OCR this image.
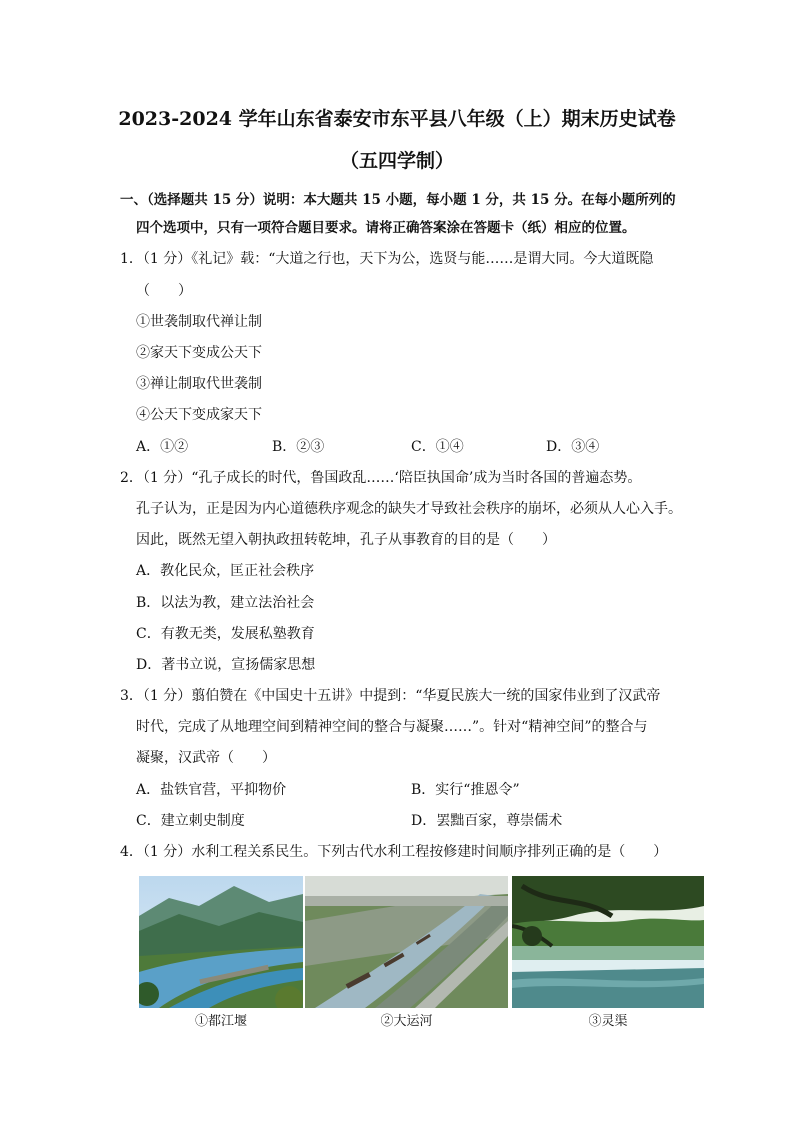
2023-2024 学年山东省泰安市东平县八年级（上）期末历史试卷
（五四学制）
一、（选择题共 15 分）说明：本大题共 15 小题，每小题 1 分，共 15 分。在每小题所列的
四个选项中，只有一项符合题目要求。请将正确答案涂在答题卡（纸）相应的位置。
1．（1 分）《礼记》载：“大道之行也，天下为公，选贤与能……是谓大同。今大道既隐
（　　）
①世袭制取代禅让制
②家天下变成公天下
③禅让制取代世袭制
④公天下变成家天下
A．①②	B．②③	C．①④	D．③④
2．（1 分）“孔子成长的时代，鲁国政乱……‘陪臣执国命’成为当时各国的普遍态势。
孔子认为，正是因为内心道德秩序观念的缺失才导致社会秩序的崩坏，必须从人心入手。
因此，既然无望入朝执政扭转乾坤，孔子从事教育的目的是（　　）
A．教化民众，匡正社会秩序
B．以法为教，建立法治社会
C．有教无类，发展私塾教育
D．著书立说，宣扬儒家思想
3．（1 分）翦伯赞在《中国史十五讲》中提到：“华夏民族大一统的国家伟业到了汉武帝
时代，完成了从地理空间到精神空间的整合与凝聚……”。针对“精神空间”的整合与
凝聚，汉武帝（　　）
A．盐铁官营，平抑物价	B．实行“推恩令”
C．建立刺史制度	D．罢黜百家，尊崇儒术
4．（1 分）水利工程关系民生。下列古代水利工程按修建时间顺序排列正确的是（　　）
①都江堰	②大运河	③灵渠
